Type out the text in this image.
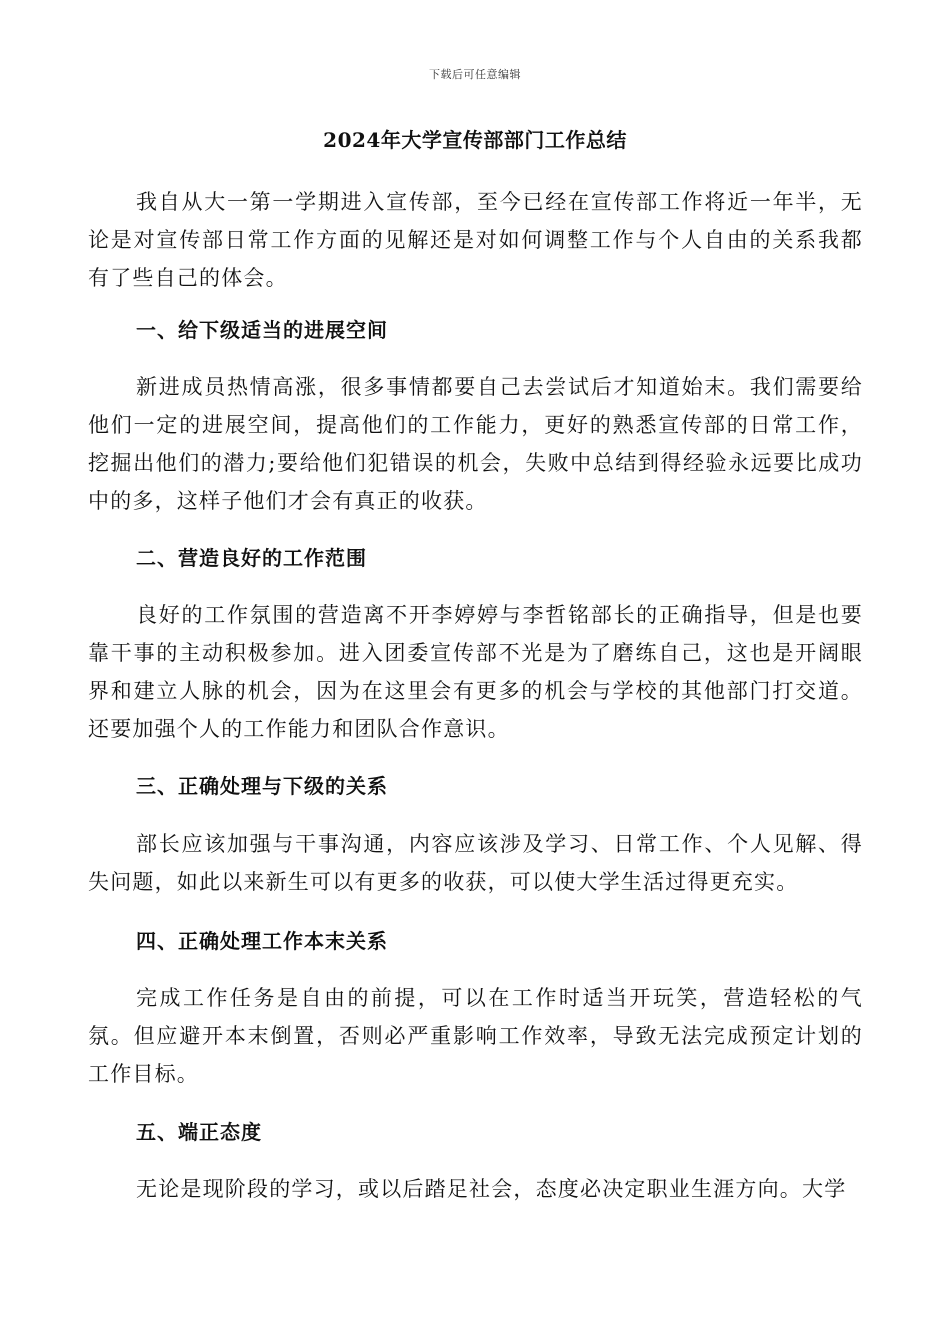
下载后可任意编辑
2024年大学宣传部部门工作总结

我自从大一第一学期进入宣传部，至今已经在宣传部工作将近一年半，无论是对宣传部日常工作方面的见解还是对如何调整工作与个人自由的关系我都有了些自己的体会。

一、给下级适当的进展空间

新进成员热情高涨，很多事情都要自己去尝试后才知道始末。我们需要给他们一定的进展空间，提高他们的工作能力，更好的熟悉宣传部的日常工作，挖掘出他们的潜力;要给他们犯错误的机会，失败中总结到得经验永远要比成功中的多，这样子他们才会有真正的收获。

二、营造良好的工作范围

良好的工作氛围的营造离不开李婷婷与李哲铭部长的正确指导，但是也要靠干事的主动积极参加。进入团委宣传部不光是为了磨练自己，这也是开阔眼界和建立人脉的机会，因为在这里会有更多的机会与学校的其他部门打交道。还要加强个人的工作能力和团队合作意识。

三、正确处理与下级的关系

部长应该加强与干事沟通，内容应该涉及学习、日常工作、个人见解、得失问题，如此以来新生可以有更多的收获，可以使大学生活过得更充实。

四、正确处理工作本末关系

完成工作任务是自由的前提，可以在工作时适当开玩笑，营造轻松的气氛。但应避开本末倒置，否则必严重影响工作效率，导致无法完成预定计划的工作目标。

五、端正态度

无论是现阶段的学习，或以后踏足社会，态度必决定职业生涯方向。大学
